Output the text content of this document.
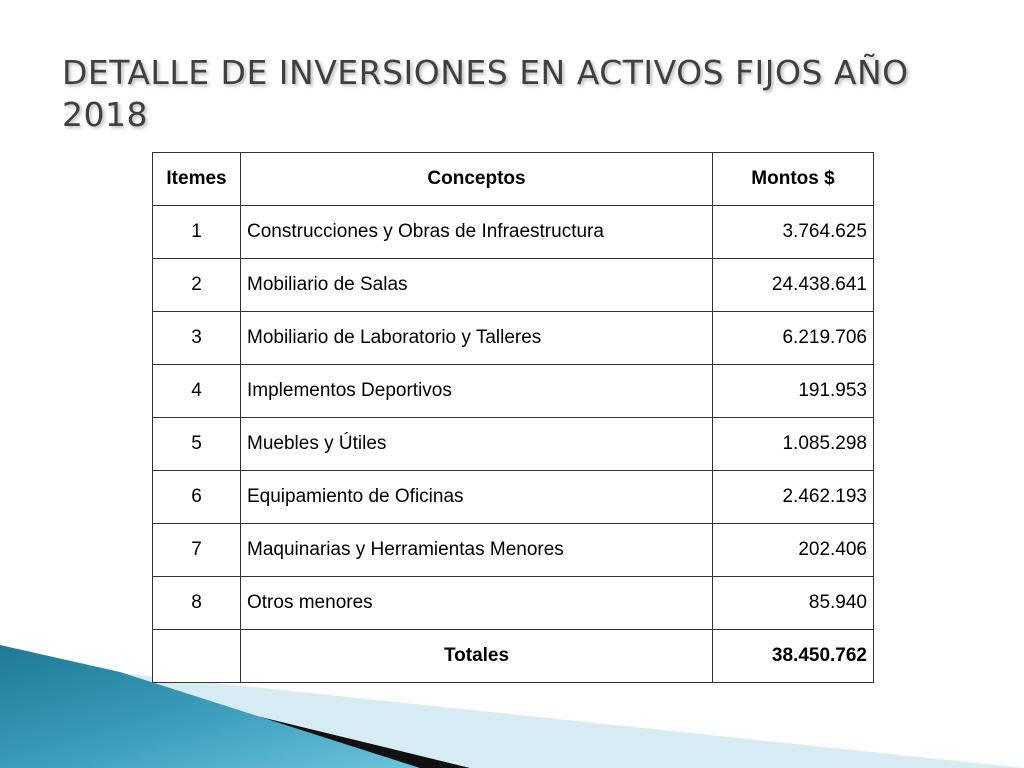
DETALLE DE INVERSIONES EN ACTIVOS FIJOS AÑO 2018
Itemes	Conceptos	Montos $
1	Construcciones y Obras de Infraestructura	3.764.625
2	Mobiliario de Salas	24.438.641
3	Mobiliario de Laboratorio y Talleres	6.219.706
4	Implementos Deportivos	191.953
5	Muebles y Útiles	1.085.298
6	Equipamiento de Oficinas	2.462.193
7	Maquinarias y Herramientas Menores	202.406
8	Otros menores	85.940
	Totales	38.450.762
